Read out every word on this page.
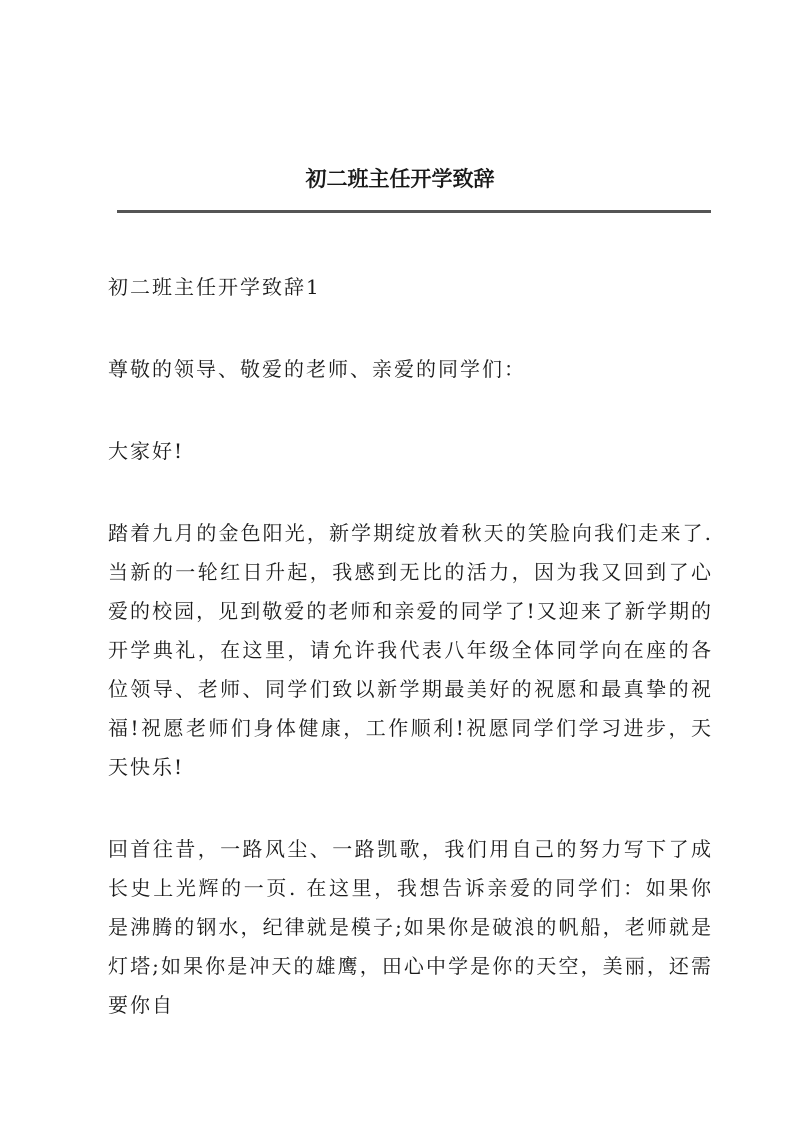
初二班主任开学致辞

初二班主任开学致辞1

尊敬的领导、敬爱的老师、亲爱的同学们：

大家好!

踏着九月的金色阳光，新学期绽放着秋天的笑脸向我们走来了.当新的一轮红日升起，我感到无比的活力，因为我又回到了心爱的校园，见到敬爱的老师和亲爱的同学了!又迎来了新学期的开学典礼，在这里，请允许我代表八年级全体同学向在座的各位领导、老师、同学们致以新学期最美好的祝愿和最真挚的祝福!祝愿老师们身体健康，工作顺利!祝愿同学们学习进步，天天快乐!

回首往昔，一路风尘、一路凯歌，我们用自己的努力写下了成长史上光辉的一页. 在这里，我想告诉亲爱的同学们：如果你是沸腾的钢水，纪律就是模子;如果你是破浪的帆船，老师就是灯塔;如果你是冲天的雄鹰，田心中学是你的天空，美丽，还需要你自
